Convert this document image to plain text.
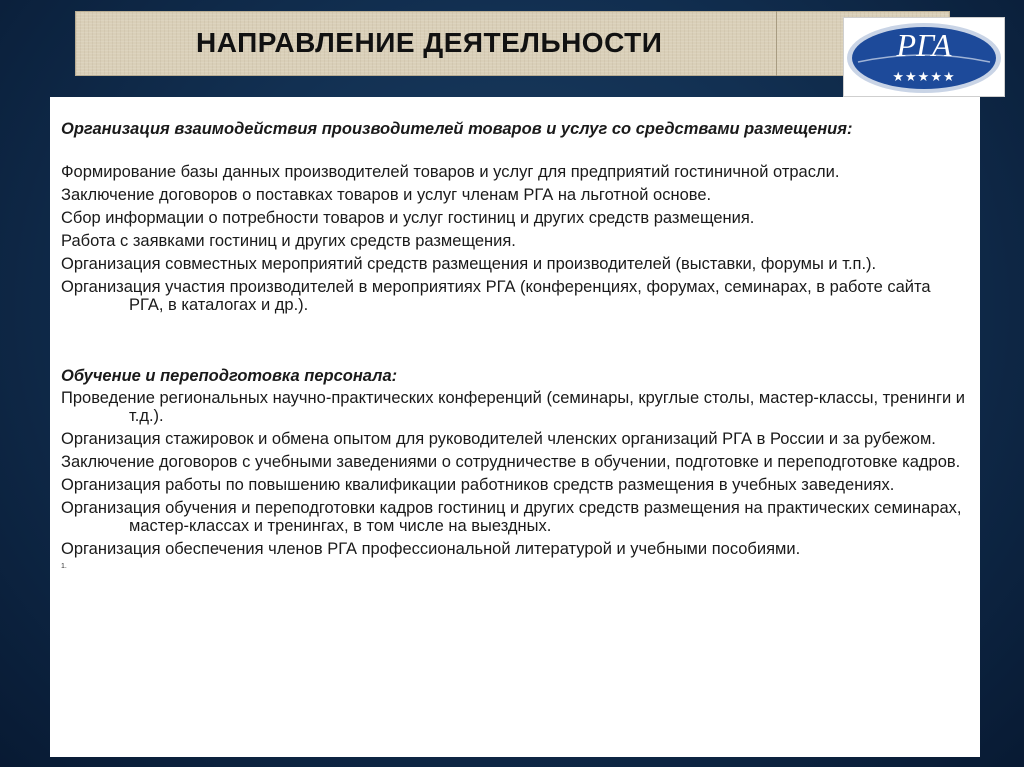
НАПРАВЛЕНИЕ ДЕЯТЕЛЬНОСТИ	РГА
★★★★★

Организация взаимодействия производителей товаров и услуг со средствами размещения:

Формирование базы данных производителей товаров и услуг для предприятий гостиничной отрасли.

Заключение договоров о поставках товаров и услуг членам РГА на льготной основе.

Сбор информации о потребности товаров и услуг гостиниц и других средств размещения.

Работа с заявками гостиниц и других средств размещения.

Организация совместных мероприятий средств размещения и производителей (выставки, форумы и т.п.).

Организация участия производителей в мероприятиях РГА (конференциях, форумах, семинарах, в работе сайта РГА, в каталогах и др.).

Обучение и переподготовка персонала:

Проведение региональных научно-практических конференций (семинары, круглые столы, мастер-классы, тренинги и т.д.).

Организация стажировок и обмена опытом для руководителей членских организаций РГА в России и за рубежом.

Заключение договоров с учебными заведениями о сотрудничестве в обучении, подготовке и переподготовке кадров.

Организация работы по повышению квалификации работников средств размещения в учебных заведениях.

Организация обучения и переподготовки кадров гостиниц и других средств размещения на практических семинарах, мастер-классах и тренингах, в том числе на выездных.

Организация обеспечения членов РГА профессиональной литературой и учебными пособиями.

1.
